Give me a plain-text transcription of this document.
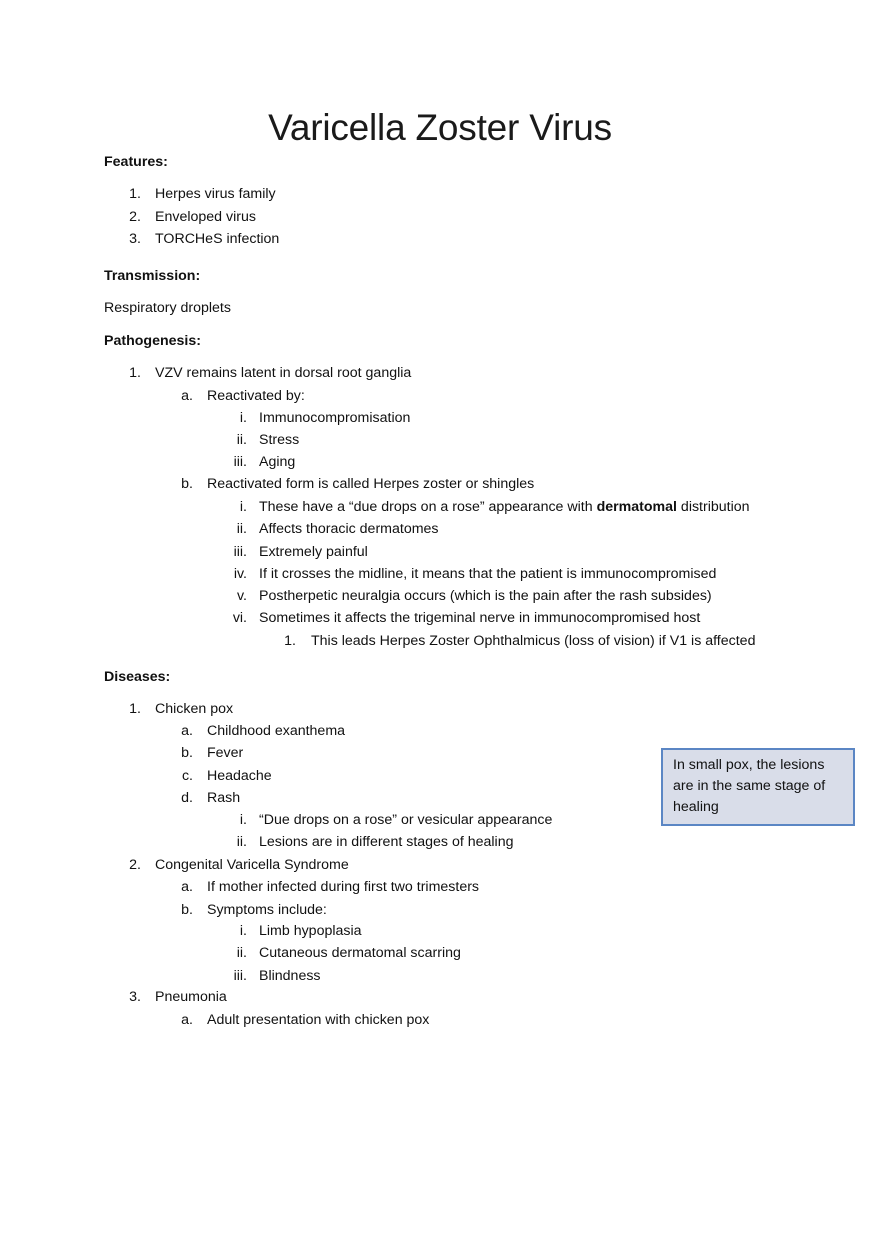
Varicella Zoster Virus
Features:
1. Herpes virus family
2. Enveloped virus
3. TORCHeS infection
Transmission:
Respiratory droplets
Pathogenesis:
1. VZV remains latent in dorsal root ganglia
a. Reactivated by:
i. Immunocompromisation
ii. Stress
iii. Aging
b. Reactivated form is called Herpes zoster or shingles
i. These have a “due drops on a rose” appearance with dermatomal distribution
ii. Affects thoracic dermatomes
iii. Extremely painful
iv. If it crosses the midline, it means that the patient is immunocompromised
v. Postherpetic neuralgia occurs (which is the pain after the rash subsides)
vi. Sometimes it affects the trigeminal nerve in immunocompromised host
1. This leads Herpes Zoster Ophthalmicus (loss of vision) if V1 is affected
Diseases:
1. Chicken pox
a. Childhood exanthema
b. Fever
c. Headache
d. Rash
i. “Due drops on a rose” or vesicular appearance
ii. Lesions are in different stages of healing
2. Congenital Varicella Syndrome
a. If mother infected during first two trimesters
b. Symptoms include:
i. Limb hypoplasia
ii. Cutaneous dermatomal scarring
iii. Blindness
3. Pneumonia
a. Adult presentation with chicken pox
In small pox, the lesions are in the same stage of healing
